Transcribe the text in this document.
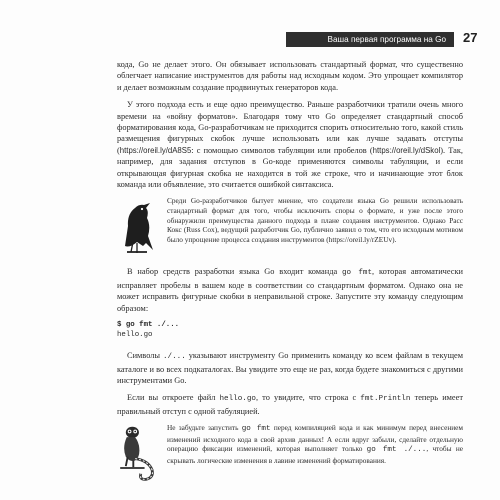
Ваша первая программа на Go	27

кода, Go не делает этого. Он обязывает использовать стандартный формат, что существенно облегчает написание инструментов для работы над исходным кодом. Это упрощает компилятор и делает возможным создание продвинутых генераторов кода.

У этого подхода есть и еще одно преимущество. Раньше разработчики тратили очень много времени на «войну форматов». Благодаря тому что Go определяет стандартный способ форматирования кода, Go-разработчикам не приходится спорить относительно того, какой стиль размещения фигурных скобок лучше использовать или как лучше задавать отступы (https://oreil.ly/dA8S5: с помощью символов табуляции или пробелов (https://oreil.ly/dSkol). Так, например, для задания отступов в Go-коде применяются символы табуляции, и если открывающая фигурная скобка не находится в той же строке, что и начинающие этот блок команда или объявление, это считается ошибкой синтаксиса.

Среди Go-разработчиков бытует мнение, что создатели языка Go решили использовать стандартный формат для того, чтобы исключить споры о формате, и уже после этого обнаружили преимущества данного подхода в плане создания инструментов. Однако Расс Кокс (Russ Cox), ведущий разработчик Go, публично заявил о том, что его исходным мотивом было упрощение процесса создания инструментов (https://oreil.ly/rZEUv).

В набор средств разработки языка Go входит команда go fmt, которая автоматически исправляет пробелы в вашем коде в соответствии со стандартным форматом. Однако она не может исправить фигурные скобки в неправильной строке. Запустите эту команду следующим образом:

$ go fmt ./...
hello.go

Символы ./... указывают инструменту Go применить команду ко всем файлам в текущем каталоге и во всех подкаталогах. Вы увидите это еще не раз, когда будете знакомиться с другими инструментами Go.

Если вы откроете файл hello.go, то увидите, что строка с fmt.Println теперь имеет правильный отступ с одной табуляцией.

Не забудьте запустить go fmt перед компиляцией кода и как минимум перед внесением изменений исходного кода в свой архив данных! А если вдруг забыли, сделайте отдельную операцию фиксации изменений, которая выполняет только go fmt ./..., чтобы не скрывать логические изменения в лавине изменений форматирования.
